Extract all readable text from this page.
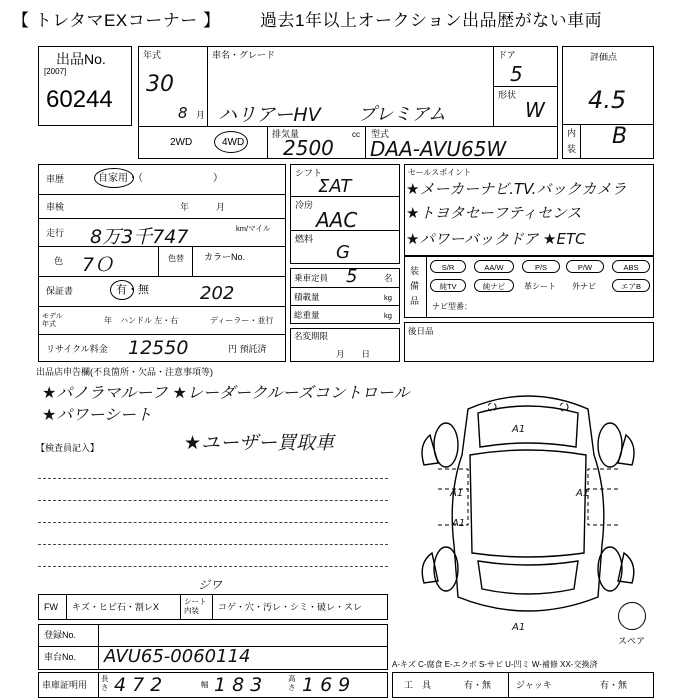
【 トレタマEXコーナー 】 過去1年以上オークション出品歴がない車両
出品No.
[2007]
60244
年式
30
8 月
車名・グレード
ハリアーHV プレミアム
ドア
5
形状
W
2WD	4WD
排気量
2500
cc 型式
DAA-AVU65W
評価点
4.5
内
装 B
車歴	自家用・（　　　　　　　）
車検	年　　　月
走行 8万3千747	km/マイル
色 7Ｏ	色替 カラーNo.
保証書	有・無	202
モデル年式	年 ハンドル 左・右	ディーラー・並行
リサイクル料金 12550	円 預託済
シフト
ΣAT
冷房
AAC
燃料
G
乗車定員 5	名
積載量	kg
総重量	kg
名変期限
月　　日
セールスポイント
★メーカーナビ.TV.バックカメラ
★トヨタセーフティセンス
★パワーバックドア ★ETC
装
備
品
S/R	AA/W	P/S	P/W	ABS
純TV	純ナビ	革シート 外ナビ	エアB
ナビ型番：
後日品
出品店申告欄(不良箇所・欠品・注意事項等)
★パノラマルーフ ★レーダークルーズコントロール
★パワーシート
【検査員記入】	★ユーザー買取車
A1
A1	A1
A1
A1
スペア
FW キズ・ヒビ石・割レX
シート内装	コゲ・穴・汚レ・シミ・破レ・スレ
ジワ
登録No.
車台No. AVU65-0060114
車庫証明用
長さ 472	幅 183	高さ 169
A-キズ C-腐食 E-エクボ S-サビ U-凹ミ W-補修 XX-交換済
工　具	有・無	ジャッキ	有・無
